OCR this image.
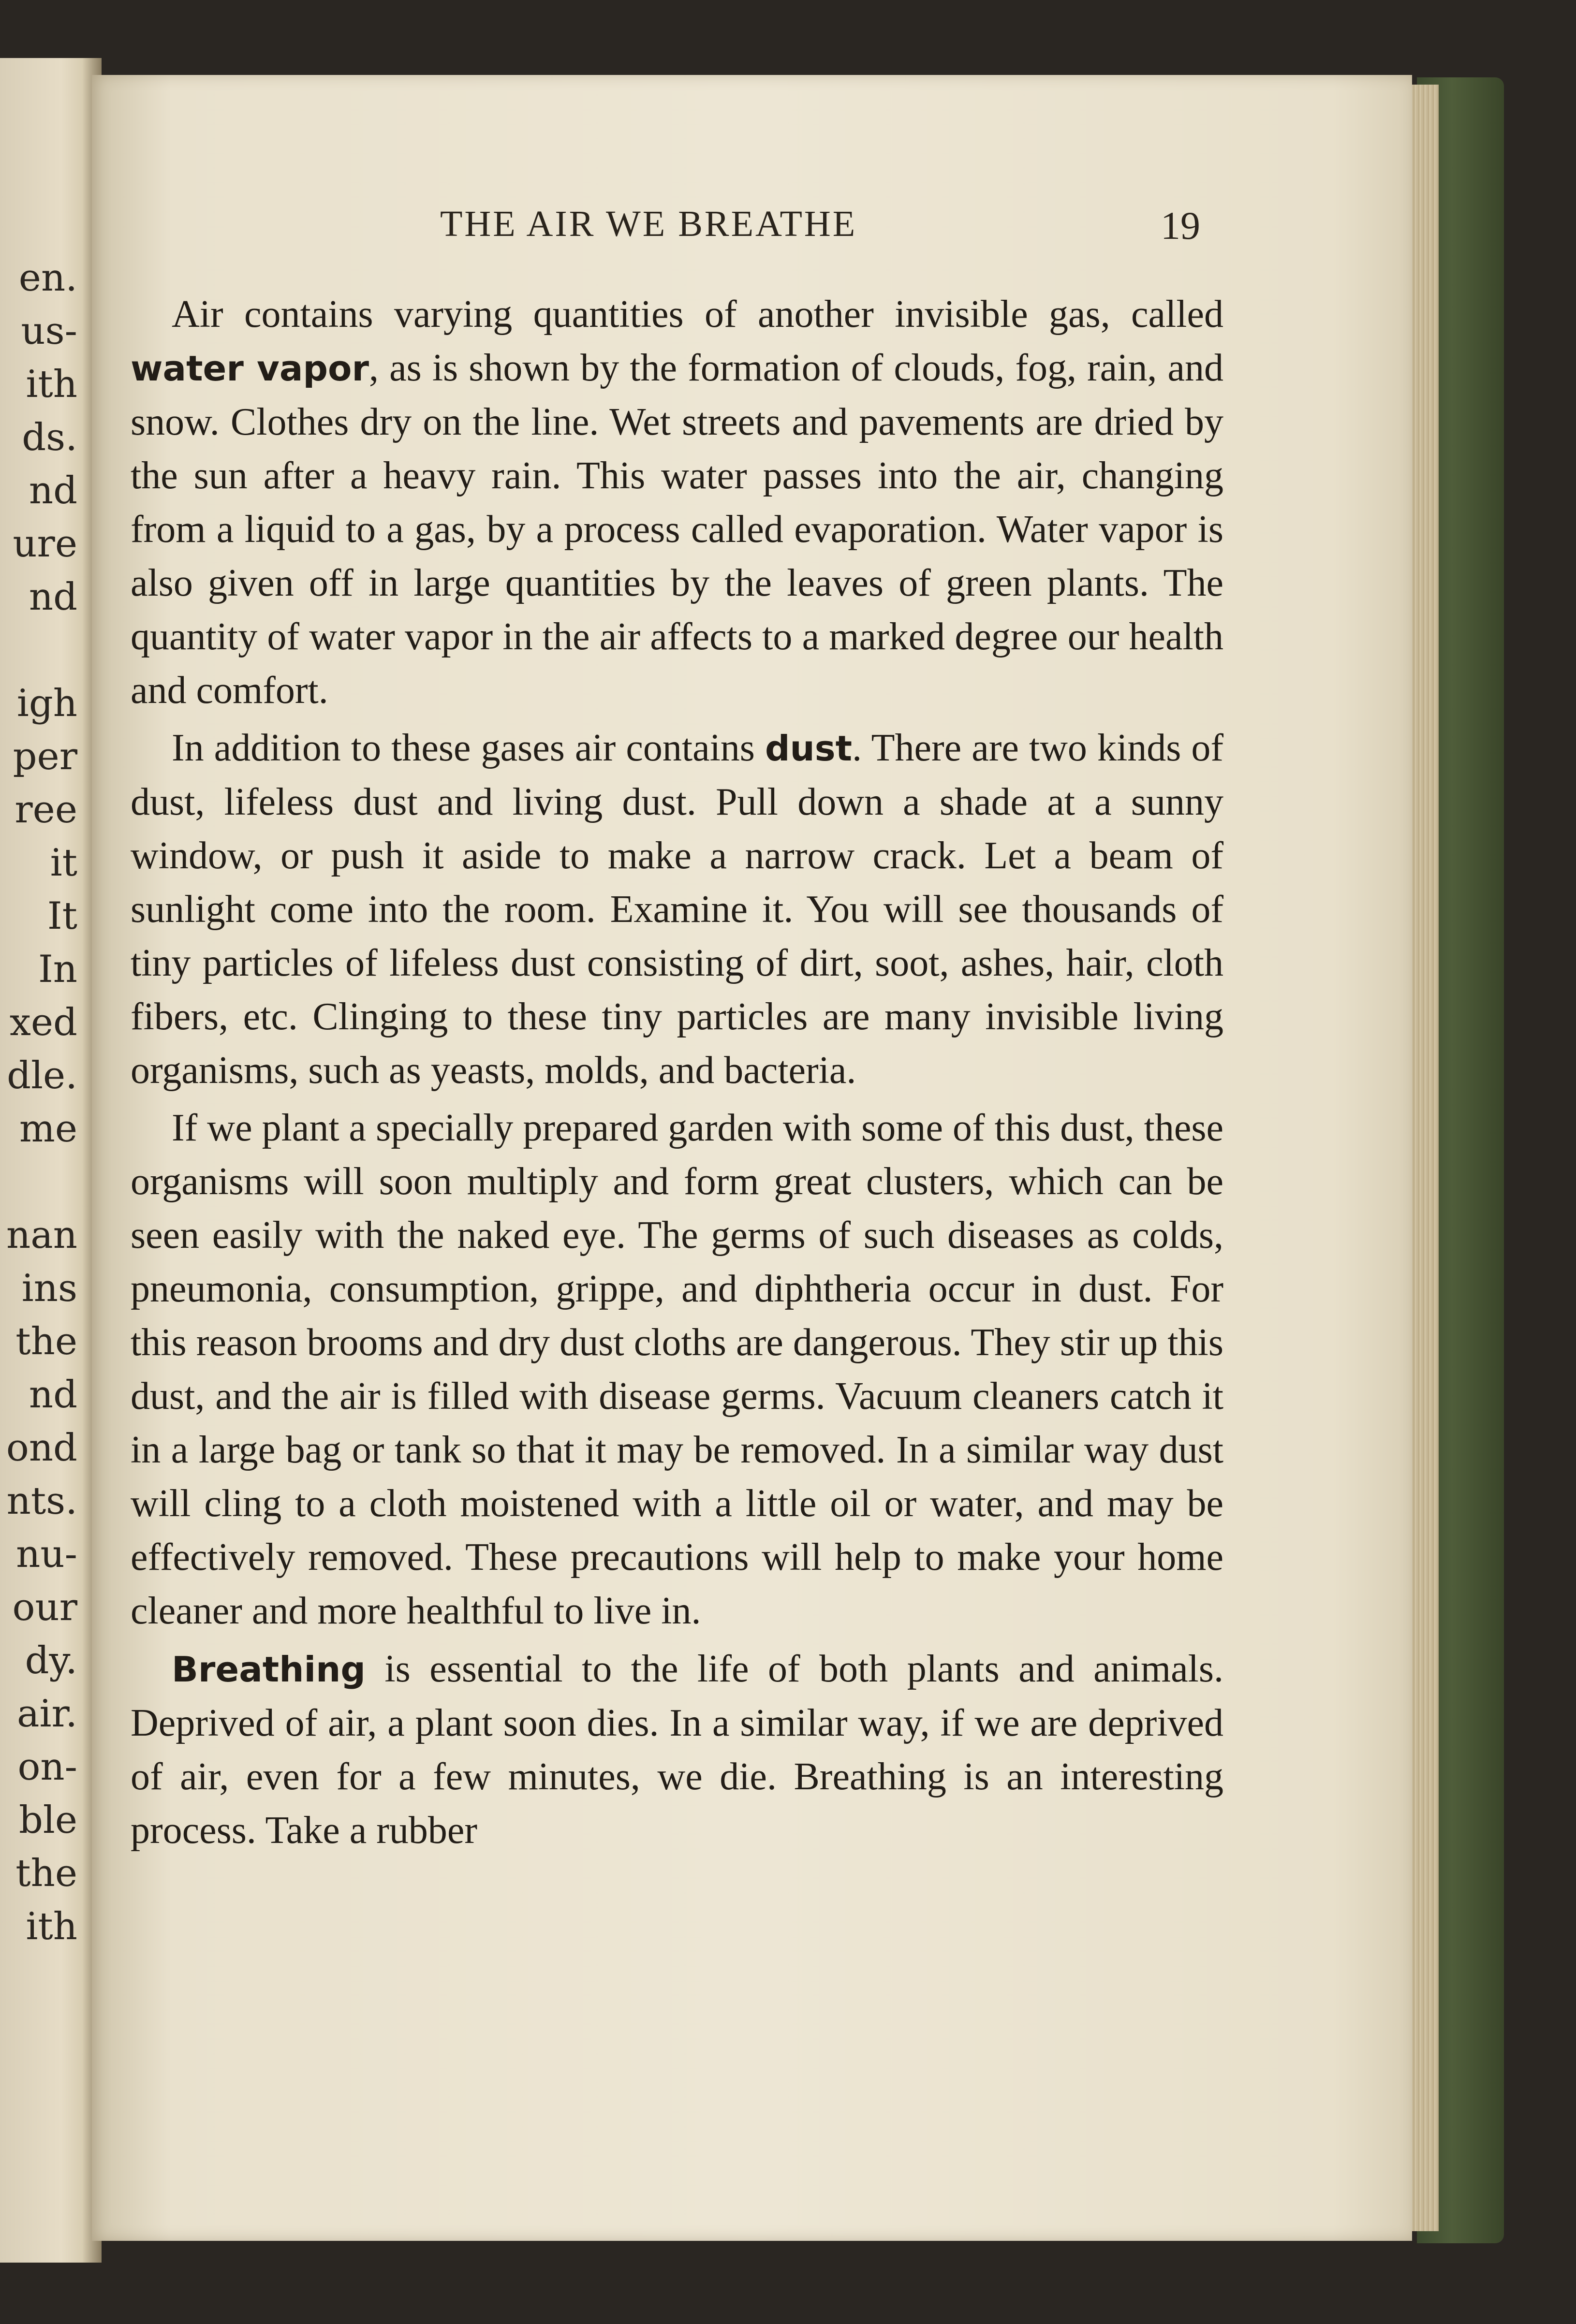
en.
us-
ith
ds.
nd
ure
nd
igh
per
ree
it
It
In
xed
dle.
me
nan
ins
the
nd
ond
nts.
nu-
our
dy.
air.
on-
ble
the
ith
THE AIR WE BREATHE	19

Air contains varying quantities of another invisible gas, called water vapor, as is shown by the formation of clouds, fog, rain, and snow. Clothes dry on the line. Wet streets and pavements are dried by the sun after a heavy rain. This water passes into the air, changing from a liquid to a gas, by a process called evaporation. Water vapor is also given off in large quantities by the leaves of green plants. The quantity of water vapor in the air affects to a marked degree our health and comfort.

In addition to these gases air contains dust. There are two kinds of dust, lifeless dust and living dust. Pull down a shade at a sunny window, or push it aside to make a narrow crack. Let a beam of sunlight come into the room. Examine it. You will see thousands of tiny particles of lifeless dust consisting of dirt, soot, ashes, hair, cloth fibers, etc. Clinging to these tiny particles are many invisible living organisms, such as yeasts, molds, and bacteria.

If we plant a specially prepared garden with some of this dust, these organisms will soon multiply and form great clusters, which can be seen easily with the naked eye. The germs of such diseases as colds, pneumonia, consumption, grippe, and diphtheria occur in dust. For this reason brooms and dry dust cloths are dangerous. They stir up this dust, and the air is filled with disease germs. Vacuum cleaners catch it in a large bag or tank so that it may be removed. In a similar way dust will cling to a cloth moistened with a little oil or water, and may be effectively removed. These precautions will help to make your home cleaner and more healthful to live in.

Breathing is essential to the life of both plants and animals. Deprived of air, a plant soon dies. In a similar way, if we are deprived of air, even for a few minutes, we die. Breathing is an interesting process. Take a rubber
